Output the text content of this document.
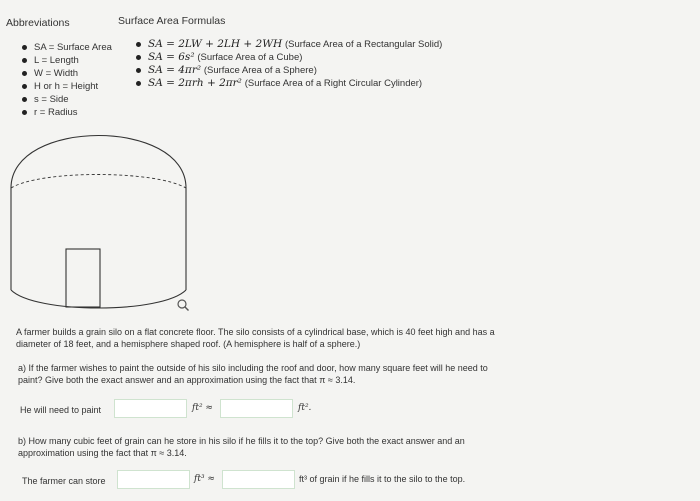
Abbreviations
SA = Surface Area
L = Length
W = Width
H or h = Height
s = Side
r = Radius
Surface Area Formulas
SA = 2LW + 2LH + 2WH (Surface Area of a Rectangular Solid)
SA = 6s² (Surface Area of a Cube)
SA = 4πr² (Surface Area of a Sphere)
SA = 2πrh + 2πr² (Surface Area of a Right Circular Cylinder)
A farmer builds a grain silo on a flat concrete floor. The silo consists of a cylindrical base, which is 40 feet high and has a diameter of 18 feet, and a hemisphere shaped roof. (A hemisphere is half of a sphere.)
a) If the farmer wishes to paint the outside of his silo including the roof and door, how many square feet will he need to paint? Give both the exact answer and an approximation using the fact that π ≈ 3.14.
He will need to paint	ft² ≈	ft².
b) How many cubic feet of grain can he store in his silo if he fills it to the top? Give both the exact answer and an approximation using the fact that π ≈ 3.14.
The farmer can store	ft³ ≈	ft³ of grain if he fills it to the silo to the top.
